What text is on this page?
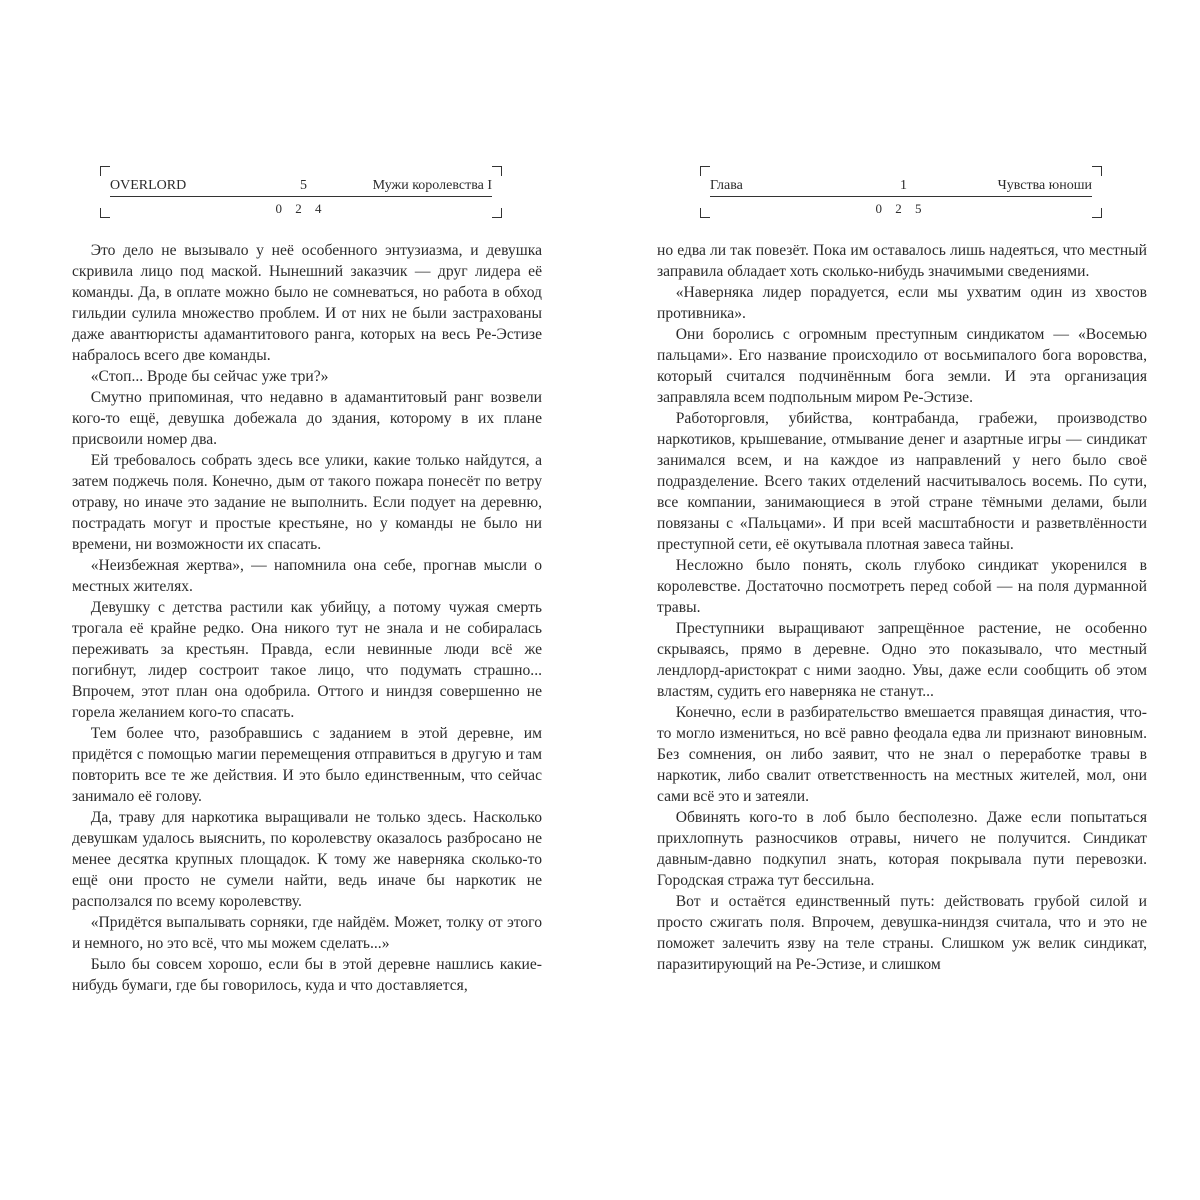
OVERLORD	5	Мужи королевства I
0 2 4

Это дело не вызывало у неё особенного энтузиазма, и девушка скривила лицо под маской. Нынешний заказчик — друг лидера её команды. Да, в оплате можно было не сомневаться, но работа в обход гильдии сулила множество проблем. И от них не были застрахованы даже авантюристы адамантитового ранга, которых на весь Ре-Эстизе набралось всего две команды.

«Стоп... Вроде бы сейчас уже три?»

Смутно припоминая, что недавно в адамантитовый ранг возвели кого-то ещё, девушка добежала до здания, которому в их плане присвоили номер два.

Ей требовалось собрать здесь все улики, какие только найдутся, а затем поджечь поля. Конечно, дым от такого пожара понесёт по ветру отраву, но иначе это задание не выполнить. Если подует на деревню, пострадать могут и простые крестьяне, но у команды не было ни времени, ни возможности их спасать.

«Неизбежная жертва», — напомнила она себе, прогнав мысли о местных жителях.

Девушку с детства растили как убийцу, а потому чужая смерть трогала её крайне редко. Она никого тут не знала и не собиралась переживать за крестьян. Правда, если невинные люди всё же погибнут, лидер состроит такое лицо, что подумать страшно... Впрочем, этот план она одобрила. Оттого и ниндзя совершенно не горела желанием кого-то спасать.

Тем более что, разобравшись с заданием в этой деревне, им придётся с помощью магии перемещения отправиться в другую и там повторить все те же действия. И это было единственным, что сейчас занимало её голову.

Да, траву для наркотика выращивали не только здесь. Насколько девушкам удалось выяснить, по королевству оказалось разбросано не менее десятка крупных площадок. К тому же наверняка сколько-то ещё они просто не сумели найти, ведь иначе бы наркотик не расползался по всему королевству.

«Придётся выпалывать сорняки, где найдём. Может, толку от этого и немного, но это всё, что мы можем сделать...»

Было бы совсем хорошо, если бы в этой деревне нашлись какие-нибудь бумаги, где бы говорилось, куда и что доставляется,

Глава	1	Чувства юноши
0 2 5

но едва ли так повезёт. Пока им оставалось лишь надеяться, что местный заправила обладает хоть сколько-нибудь значимыми сведениями.

«Наверняка лидер порадуется, если мы ухватим один из хвостов противника».

Они боролись с огромным преступным синдикатом — «Восемью пальцами». Его название происходило от восьмипалого бога воровства, который считался подчинённым бога земли. И эта организация заправляла всем подпольным миром Ре-Эстизе.

Работорговля, убийства, контрабанда, грабежи, производство наркотиков, крышевание, отмывание денег и азартные игры — синдикат занимался всем, и на каждое из направлений у него было своё подразделение. Всего таких отделений насчитывалось восемь. По сути, все компании, занимающиеся в этой стране тёмными делами, были повязаны с «Пальцами». И при всей масштабности и разветвлённости преступной сети, её окутывала плотная завеса тайны.

Несложно было понять, сколь глубоко синдикат укоренился в королевстве. Достаточно посмотреть перед собой — на поля дурманной травы.

Преступники выращивают запрещённое растение, не особенно скрываясь, прямо в деревне. Одно это показывало, что местный лендлорд-аристократ с ними заодно. Увы, даже если сообщить об этом властям, судить его наверняка не станут...

Конечно, если в разбирательство вмешается правящая династия, что-то могло измениться, но всё равно феодала едва ли признают виновным. Без сомнения, он либо заявит, что не знал о переработке травы в наркотик, либо свалит ответственность на местных жителей, мол, они сами всё это и затеяли.

Обвинять кого-то в лоб было бесполезно. Даже если попытаться прихлопнуть разносчиков отравы, ничего не получится. Синдикат давным-давно подкупил знать, которая покрывала пути перевозки. Городская стража тут бессильна.

Вот и остаётся единственный путь: действовать грубой силой и просто сжигать поля. Впрочем, девушка-ниндзя считала, что и это не поможет залечить язву на теле страны. Слишком уж велик синдикат, паразитирующий на Ре-Эстизе, и слишком
